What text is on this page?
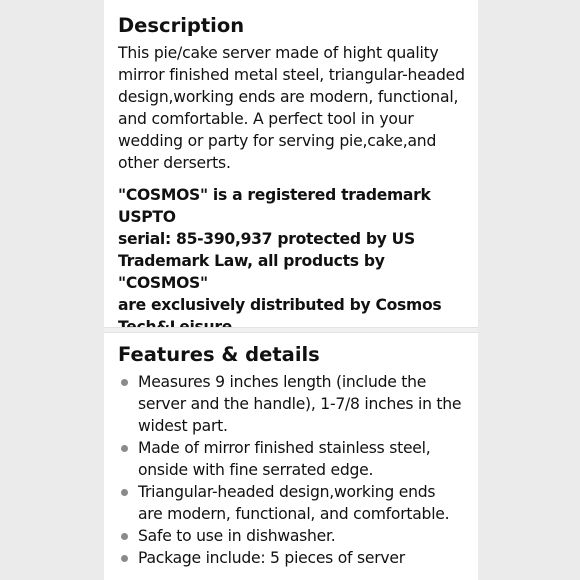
Description
This pie/cake server made of hight quality
mirror finished metal steel, triangular-headed
design,working ends are modern, functional,
and comfortable. A perfect tool in your
wedding or party for serving pie,cake,and
other derserts.
"COSMOS" is a registered trademark USPTO
serial: 85-390,937 protected by US
Trademark Law, all products by "COSMOS"
are exclusively distributed by Cosmos
Features & details
Measures 9 inches length (include the
server and the handle), 1-7/8 inches in the
widest part.
Made of mirror finished stainless steel,
onside with fine serrated edge.
Triangular-headed design,working ends
are modern, functional, and comfortable.
Safe to use in dishwasher.
Package include: 5 pieces of server
